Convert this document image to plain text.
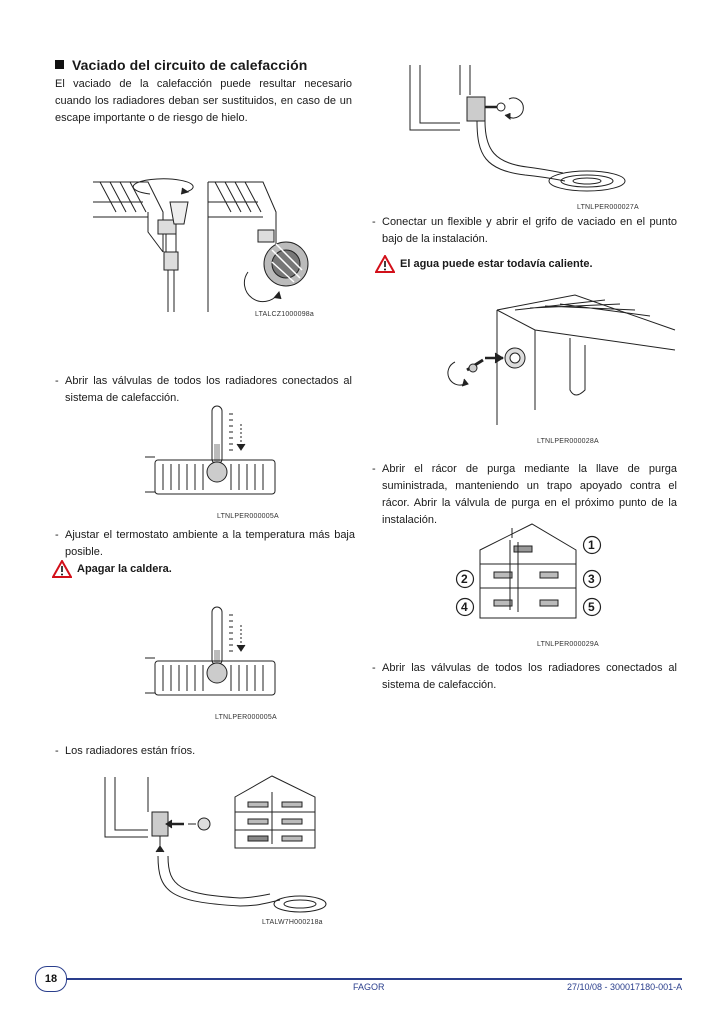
Vaciado del circuito de calefacción
El vaciado de la calefacción puede resultar necesario cuando los radiadores deban ser sustituidos, en caso de un escape importante o de riesgo de hielo.
LTALCZ1000098a
- Abrir las válvulas de todos los radiadores conectados al sistema de calefacción.
LTNLPER000005A
- Ajustar el termostato ambiente a la temperatura más baja posible.
Apagar la caldera.
LTNLPER000005A
- Los radiadores están fríos.
LTALW7H000218a
LTNLPER000027A
- Conectar un flexible y abrir el grifo de vaciado en el punto bajo de la instalación.
El agua puede estar todavía caliente.
LTNLPER000028A
- Abrir el rácor de purga mediante la llave de purga suministrada, manteniendo un trapo apoyado contra el rácor. Abrir la válvula de purga en el próximo punto de la instalación.
1
2	3
4	5
LTNLPER000029A
- Abrir las válvulas de todos los radiadores conectados al sistema de calefacción.
18
FAGOR	27/10/08 - 300017180-001-A
